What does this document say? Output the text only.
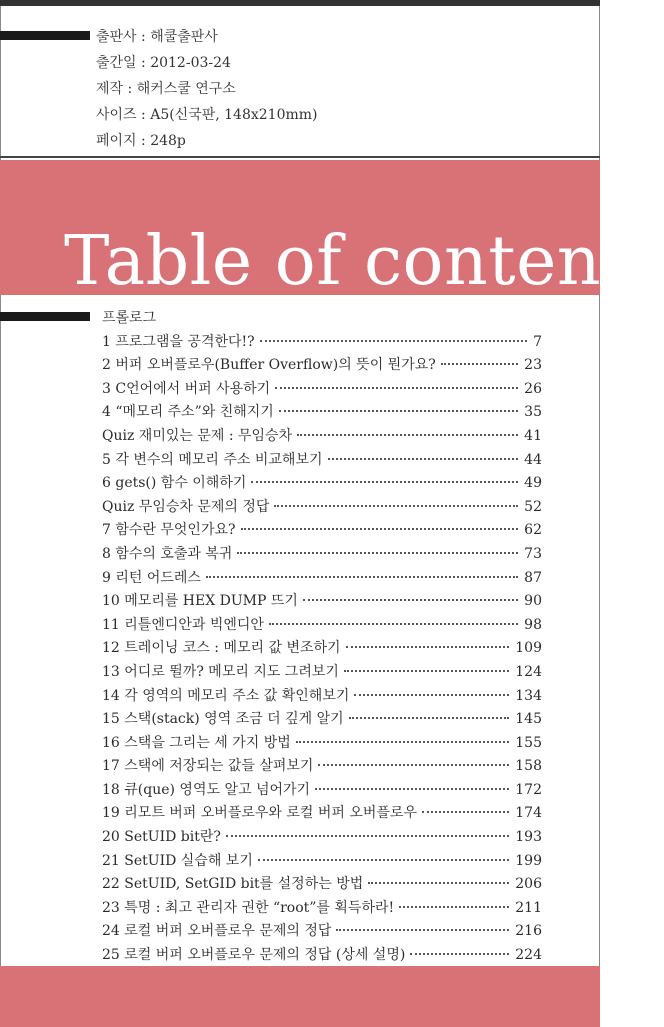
출판사 : 해쿨출판사
출간일 : 2012-03-24
제작 : 해커스쿨 연구소
사이즈 : A5(신국판, 148x210mm)
페이지 : 248p
Table of contents
프롤로그
1 프로그램을 공격한다!?	7
2 버퍼 오버플로우(Buffer Overflow)의 뜻이 뭔가요?	23
3 C언어에서 버퍼 사용하기	26
4 “메모리 주소”와 친해지기	35
Quiz 재미있는 문제 : 무임승차	41
5 각 변수의 메모리 주소 비교해보기	44
6 gets() 함수 이해하기	49
Quiz 무임승차 문제의 정답	52
7 함수란 무엇인가요?	62
8 함수의 호출과 복귀	73
9 리턴 어드레스	87
10 메모리를 HEX DUMP 뜨기	90
11 리틀엔디안과 빅엔디안	98
12 트레이닝 코스 : 메모리 값 변조하기	109
13 어디로 뛸까? 메모리 지도 그려보기	124
14 각 영역의 메모리 주소 값 확인해보기	134
15 스택(stack) 영역 조금 더 깊게 알기	145
16 스택을 그리는 세 가지 방법	155
17 스택에 저장되는 값들 살펴보기	158
18 큐(que) 영역도 알고 넘어가기	172
19 리모트 버퍼 오버플로우와 로컬 버퍼 오버플로우	174
20 SetUID bit란?	193
21 SetUID 실습해 보기	199
22 SetUID, SetGID bit를 설정하는 방법	206
23 특명 : 최고 관리자 권한 “root”를 획득하라!	211
24 로컬 버퍼 오버플로우 문제의 정답	216
25 로컬 버퍼 오버플로우 문제의 정답 (상세 설명)	224
